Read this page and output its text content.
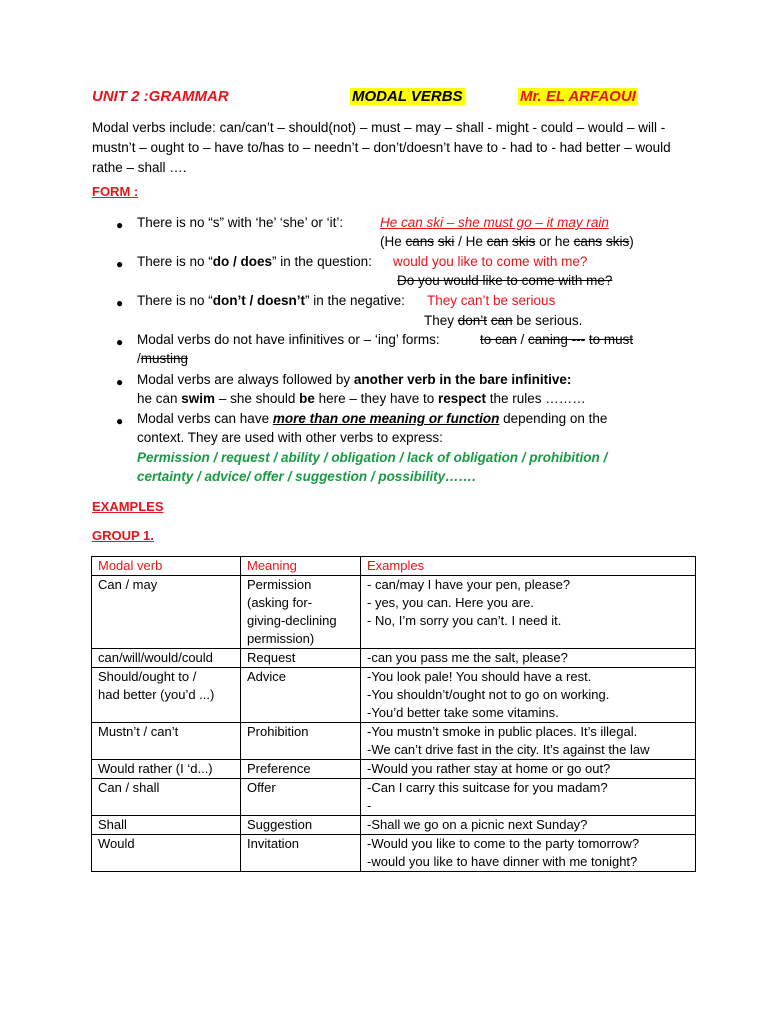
UNIT 2 :GRAMMAR	MODAL VERBS	Mr. EL ARFAOUI
Modal verbs include: can/can’t – should(not) – must – may – shall - might - could – would – will - mustn’t – ought to – have to/has to – needn’t – don’t/doesn’t have to - had to - had better – would rathe – shall ….
FORM :
● There is no “s” with ‘he’ ‘she’ or ‘it’:	He can ski – she must go – it may rain
(He cans ski / He can skis or he cans skis)
● There is no “do / does” in the question: would you like to come with me?
Do you would like to come with me?
● There is no “don’t / doesn’t” in the negative: They can’t be serious
They don’t can be serious.
● Modal verbs do not have infinitives or – ‘ing’ forms:	to can / caning --- to must
/musting
● Modal verbs are always followed by another verb in the bare infinitive:
he can swim – she should be here – they have to respect the rules ………
● Modal verbs can have more than one meaning or function depending on the
context. They are used with other verbs to express:
Permission / request / ability / obligation / lack of obligation / prohibition /
certainty / advice/ offer / suggestion / possibility…….
EXAMPLES
GROUP 1.
Modal verb	Meaning	Examples

Can / may	Permission
(asking for-
giving-declining
permission)	- can/may I have your pen, please?
- yes, you can. Here you are.
- No, I’m sorry you can’t. I need it.

can/will/would/could	Request	-can you pass me the salt, please?

Should/ought to /
had better (you’d ...)	Advice	-You look pale! You should have a rest.
-You shouldn’t/ought not to go on working.
-You’d better take some vitamins.

Mustn’t / can’t	Prohibition	-You mustn’t smoke in public places. It’s illegal.
-We can’t drive fast in the city. It’s against the law

Would rather (I ‘d...)	Preference	-Would you rather stay at home or go out?

Can / shall	Offer	-Can I carry this suitcase for you madam?
-

Shall	Suggestion	-Shall we go on a picnic next Sunday?

Would	Invitation	-Would you like to come to the party tomorrow?
-would you like to have dinner with me tonight?
